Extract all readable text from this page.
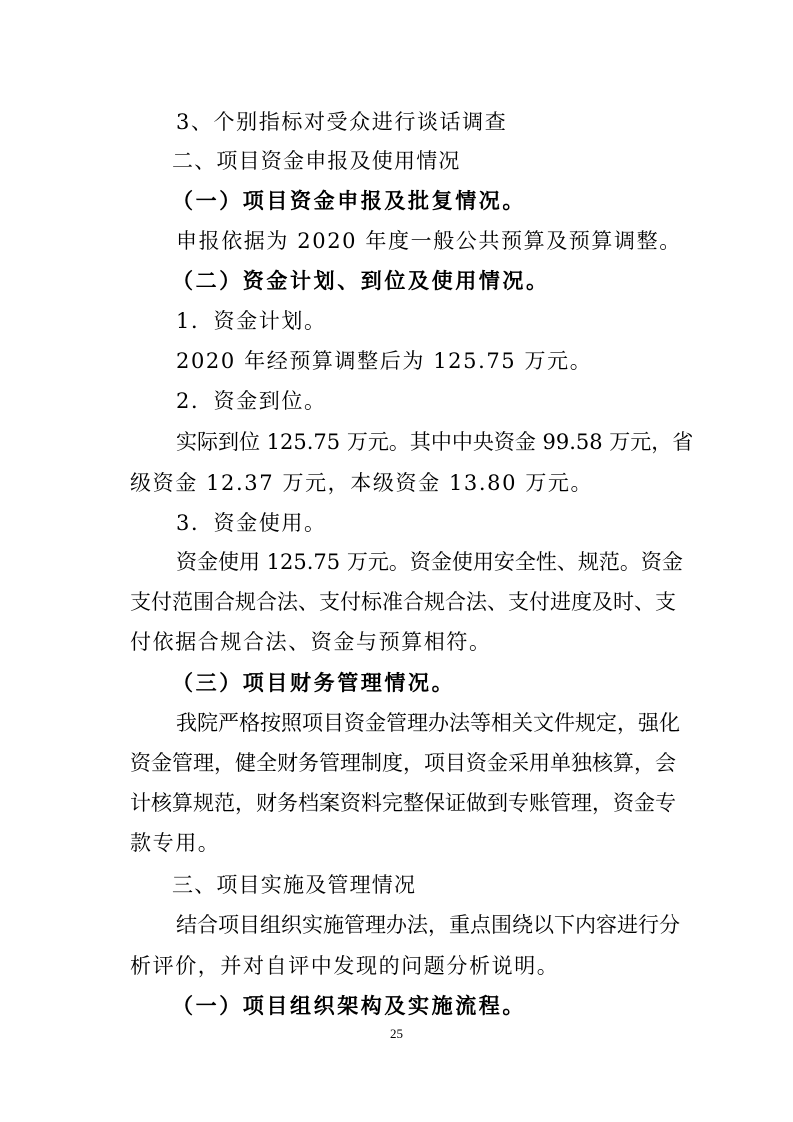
3、个别指标对受众进行谈话调查
二、项目资金申报及使用情况
（一）项目资金申报及批复情况。
申报依据为 2020 年度一般公共预算及预算调整。
（二）资金计划、到位及使用情况。
1．资金计划。
2020 年经预算调整后为 125.75 万元。
2．资金到位。
实际到位 125.75 万元。其中中央资金 99.58 万元，省
级资金 12.37 万元，本级资金 13.80 万元。
3．资金使用。
资金使用 125.75 万元。资金使用安全性、规范。资金
支付范围合规合法、支付标准合规合法、支付进度及时、支
付依据合规合法、资金与预算相符。
（三）项目财务管理情况。
我院严格按照项目资金管理办法等相关文件规定，强化
资金管理，健全财务管理制度，项目资金采用单独核算，会
计核算规范，财务档案资料完整保证做到专账管理，资金专
款专用。
三、项目实施及管理情况
结合项目组织实施管理办法，重点围绕以下内容进行分
析评价，并对自评中发现的问题分析说明。
（一）项目组织架构及实施流程。
25
